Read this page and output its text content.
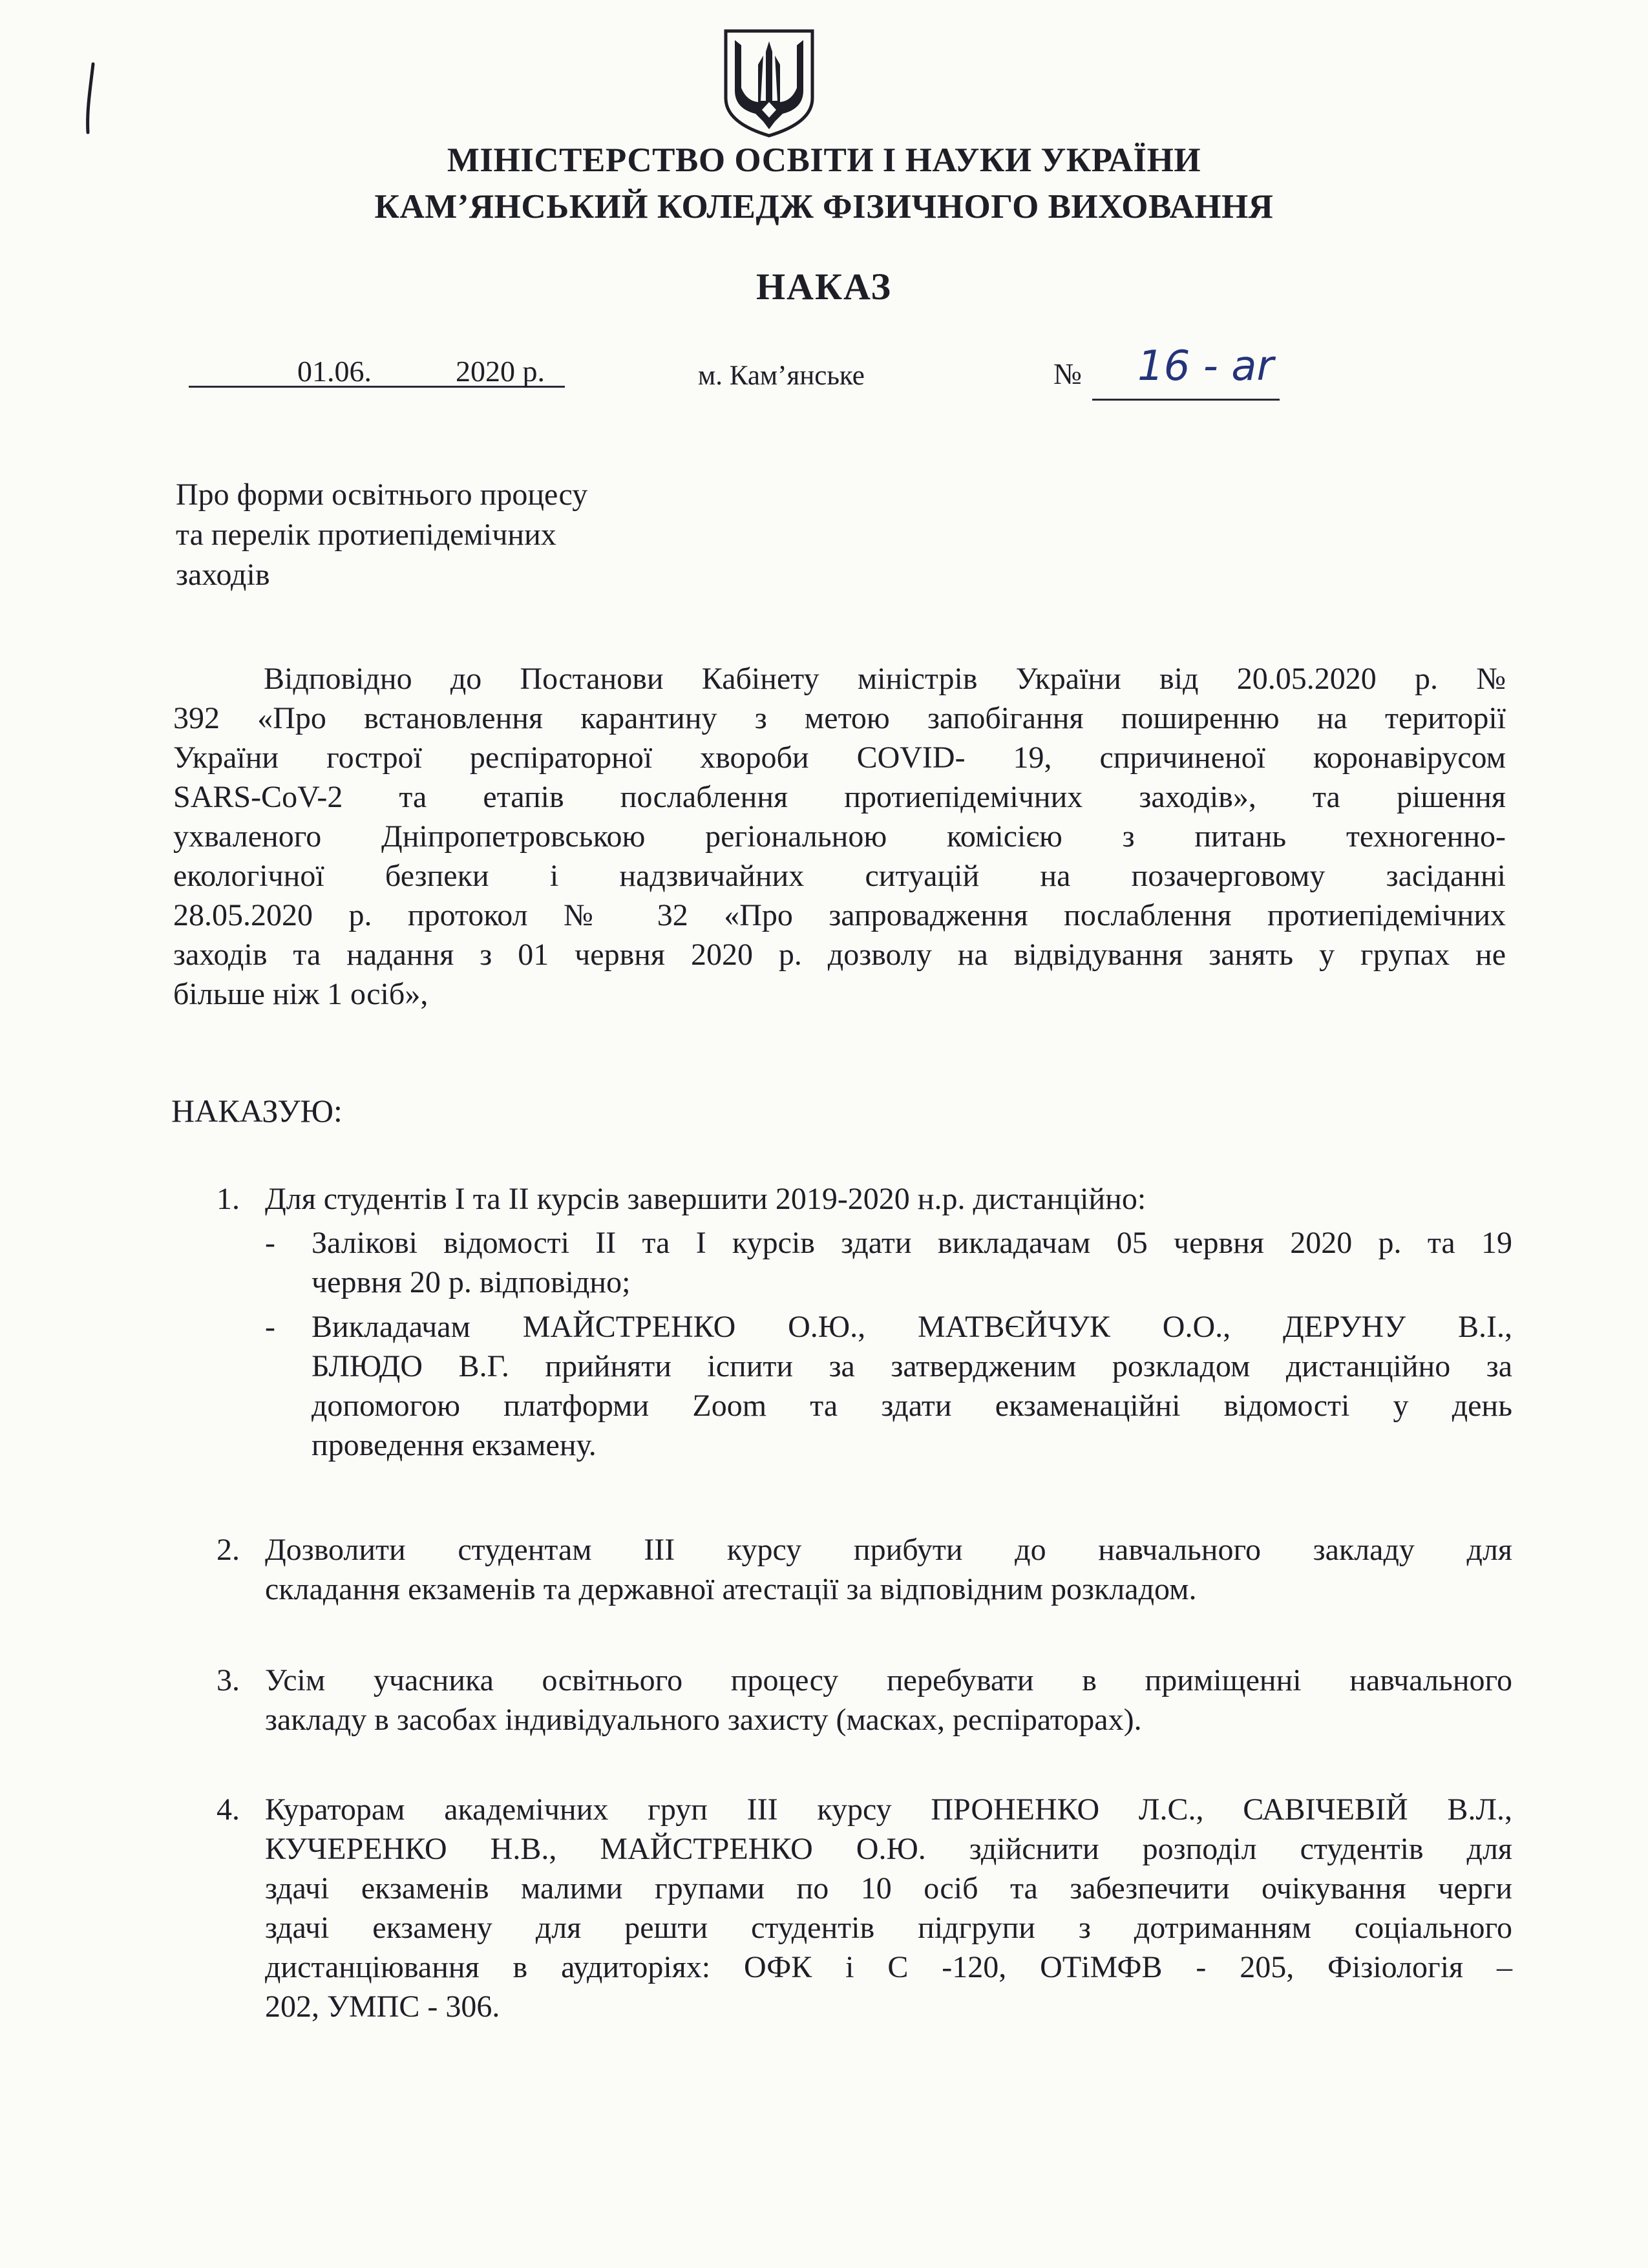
МІНІСТЕРСТВО ОСВІТИ І НАУКИ УКРАЇНИ
КАМ’ЯНСЬКИЙ КОЛЕДЖ ФІЗИЧНОГО ВИХОВАННЯ
НАКАЗ
01.06.	2020 р.	м. Кам’янське	№ 16 - ar
Про форми освітнього процесу
та перелік протиепідемічних
заходів
Відповідно до Постанови Кабінету міністрів України від 20.05.2020 р. №
392 «Про встановлення карантину з метою запобігання поширенню на території
України гострої респіраторної хвороби COVID- 19, спричиненої коронавірусом
SARS-CoV-2 та етапів послаблення протиепідемічних заходів», та рішення
ухваленого Дніпропетровською регіональною комісією з питань техногенно-
екологічної безпеки і надзвичайних ситуацій на позачерговому засіданні
28.05.2020 р. протокол № 32 «Про запровадження послаблення протиепідемічних
заходів та надання з 01 червня 2020 р. дозволу на відвідування занять у групах не
більше ніж 1 осіб»,
НАКАЗУЮ:
1. Для студентів І та ІІ курсів завершити 2019-2020 н.р. дистанційно:
- Залікові відомості ІІ та І курсів здати викладачам 05 червня 2020 р. та 19
червня 20 р. відповідно;
- Викладачам МАЙСТРЕНКО О.Ю., МАТВЄЙЧУК О.О., ДЕРУНУ В.І.,
БЛЮДО В.Г. прийняти іспити за затвердженим розкладом дистанційно за
допомогою платформи Zoom та здати екзаменаційні відомості у день
проведення екзамену.
2. Дозволити студентам ІІІ курсу прибути до навчального закладу для
складання екзаменів та державної атестації за відповідним розкладом.
3. Усім учасника освітнього процесу перебувати в приміщенні навчального
закладу в засобах індивідуального захисту (масках, респіраторах).
4. Кураторам академічних груп ІІІ курсу ПРОНЕНКО Л.С., САВІЧЕВІЙ В.Л.,
КУЧЕРЕНКО Н.В., МАЙСТРЕНКО О.Ю. здійснити розподіл студентів для
здачі екзаменів малими групами по 10 осіб та забезпечити очікування черги
здачі екзамену для решти студентів підгрупи з дотриманням соціального
дистанціювання в аудиторіях: ОФК і С -120, ОТіМФВ - 205, Фізіологія –
202, УМПС - 306.
